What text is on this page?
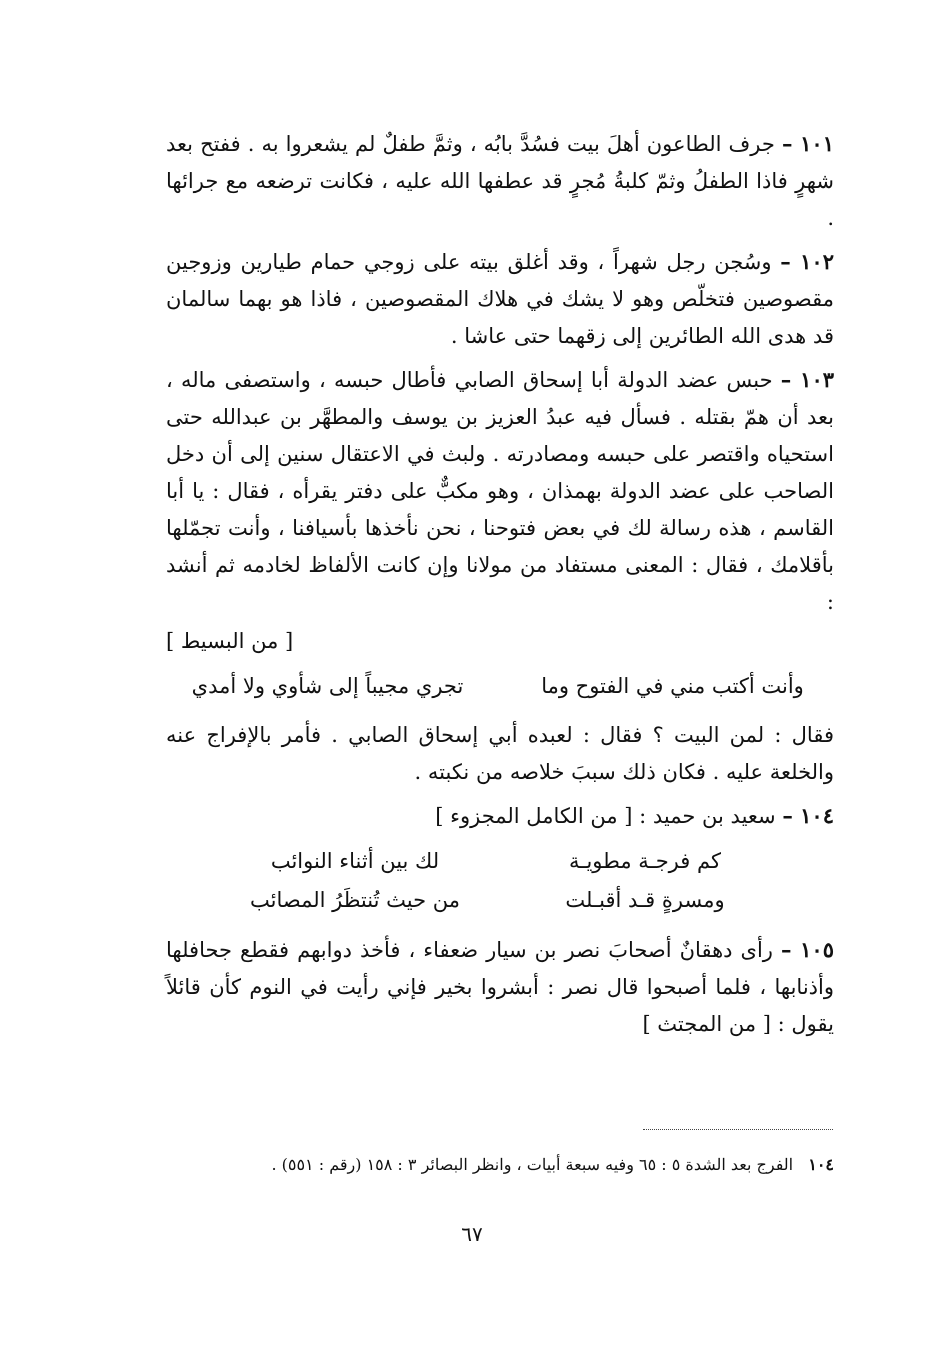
١٠١ – جرف الطاعون أهلَ بيت فسُدَّ بابُه ، وثمَّ طفلٌ لم يشعروا به . ففتح بعد شهرٍ فاذا الطفلُ وثمّ كلبةُ مُجرٍ قد عطفها الله عليه ، فكانت ترضعه مع جرائها .

١٠٢ – وسُجن رجل شهراً ، وقد أغلق بيته على زوجي حمام طيارين وزوجين مقصوصين فتخلّص وهو لا يشك في هلاك المقصوصين ، فاذا هو بهما سالمان قد هدى الله الطائرين إلى زقهما حتى عاشا .

١٠٣ – حبس عضد الدولة أبا إسحاق الصابي فأطال حبسه ، واستصفى ماله ، بعد أن همّ بقتله . فسأل فيه عبدُ العزيز بن يوسف والمطهَّر بن عبدالله حتى استحياه واقتصر على حبسه ومصادرته . ولبث في الاعتقال سنين إلى أن دخل الصاحب على عضد الدولة بهمذان ، وهو مكبٌّ على دفتر يقرأه ، فقال : يا أبا القاسم ، هذه رسالة لك في بعض فتوحنا ، نحن نأخذها بأسيافنا ، وأنت تجمّلها بأقلامك ، فقال : المعنى مستفاد من مولانا وإن كانت الألفاظ لخادمه ثم أنشد :
[ من البسيط ]

وأنت أكتب مني في الفتوح وما
تجري مجيباً إلى شأوي ولا أمدي

فقال : لمن البيت ؟ فقال : لعبده أبي إسحاق الصابي . فأمر بالإفراج عنه والخلعة عليه . فكان ذلك سببَ خلاصه من نكبته .

١٠٤ – سعيد بن حميد : [ من الكامل المجزوء ]

كم فرجـة مطويـة
لك بين أثناء النوائب
ومسرةٍ قـد أقبـلت
من حيث تُنتظَرُ المصائب

١٠٥ – رأى دهقانٌ أصحابَ نصر بن سيار ضعفاء ، فأخذ دوابهم فقطع جحافلها وأذنابها ، فلما أصبحوا قال نصر : أبشروا بخير فإني رأيت في النوم كأن قائلاً يقول : [ من المجتث ]

١٠٤ الفرج بعد الشدة ٥ : ٦٥ وفيه سبعة أبيات ، وانظر البصائر ٣ : ١٥٨ (رقم : ٥٥١) .
٦٧
